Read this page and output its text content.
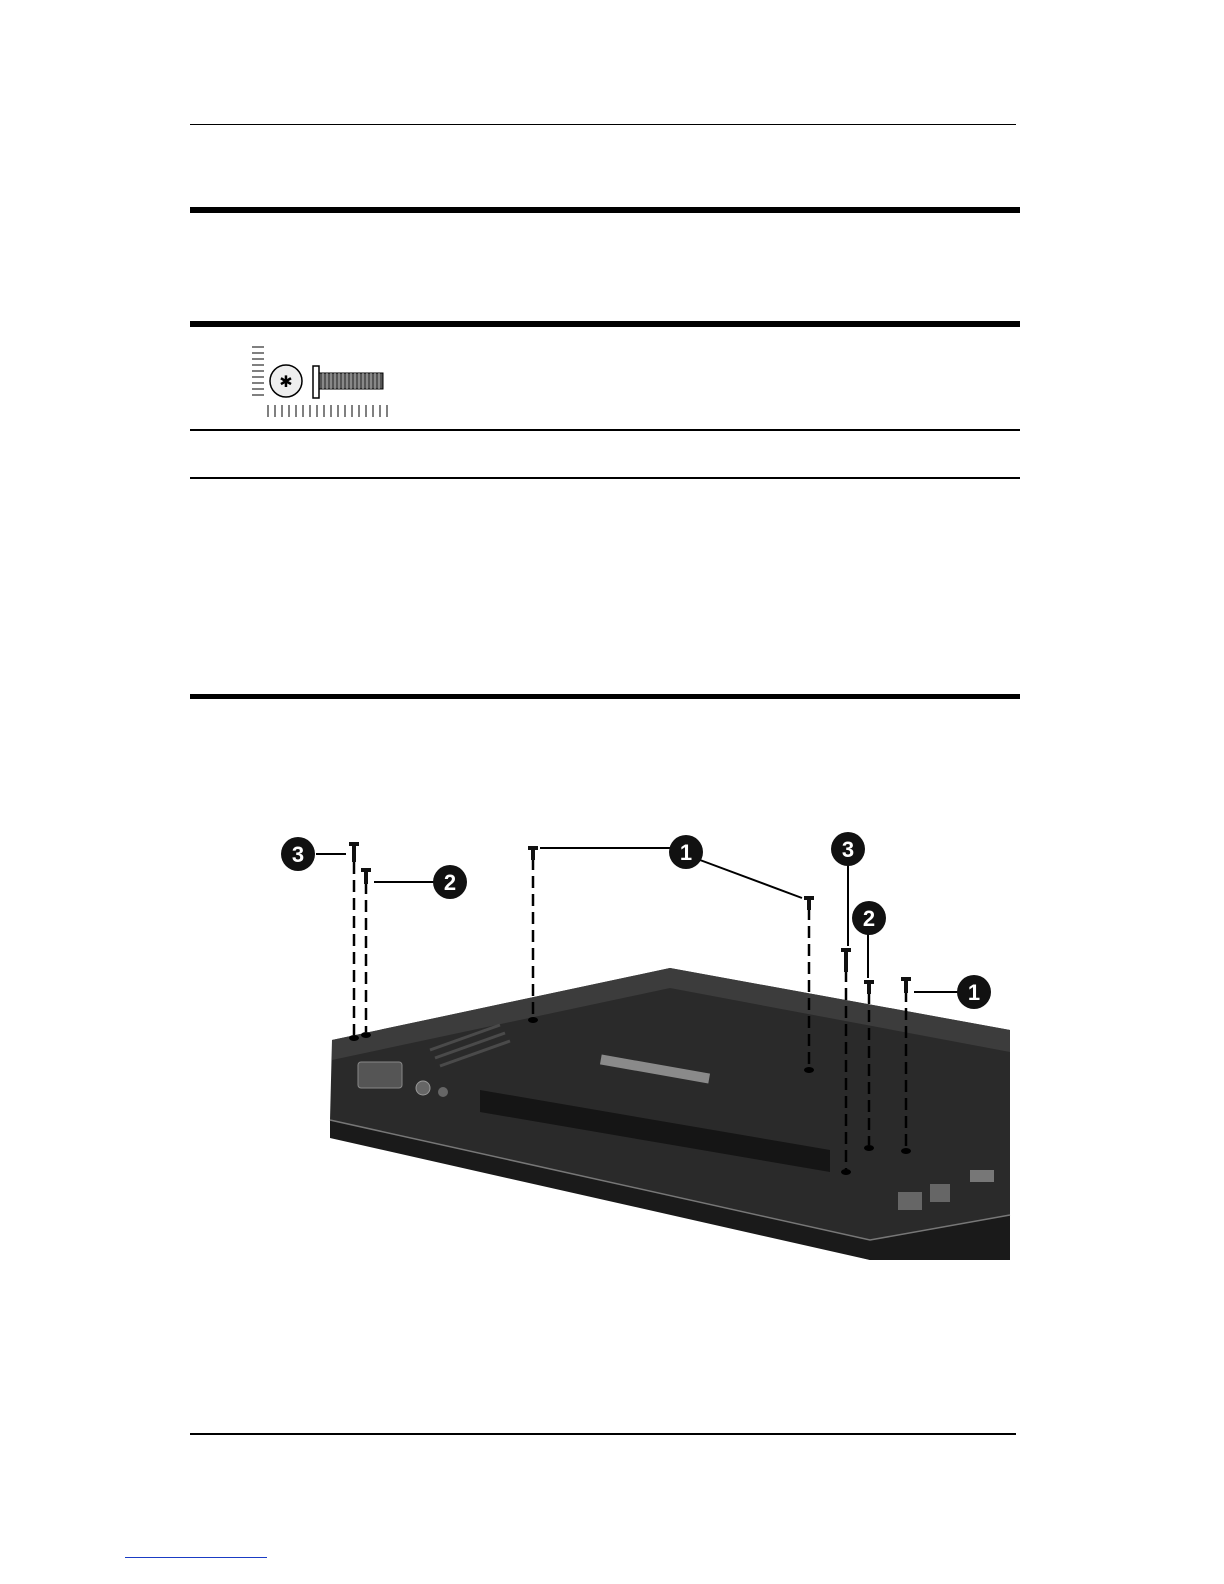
✱
3
2
1	3
2
1
